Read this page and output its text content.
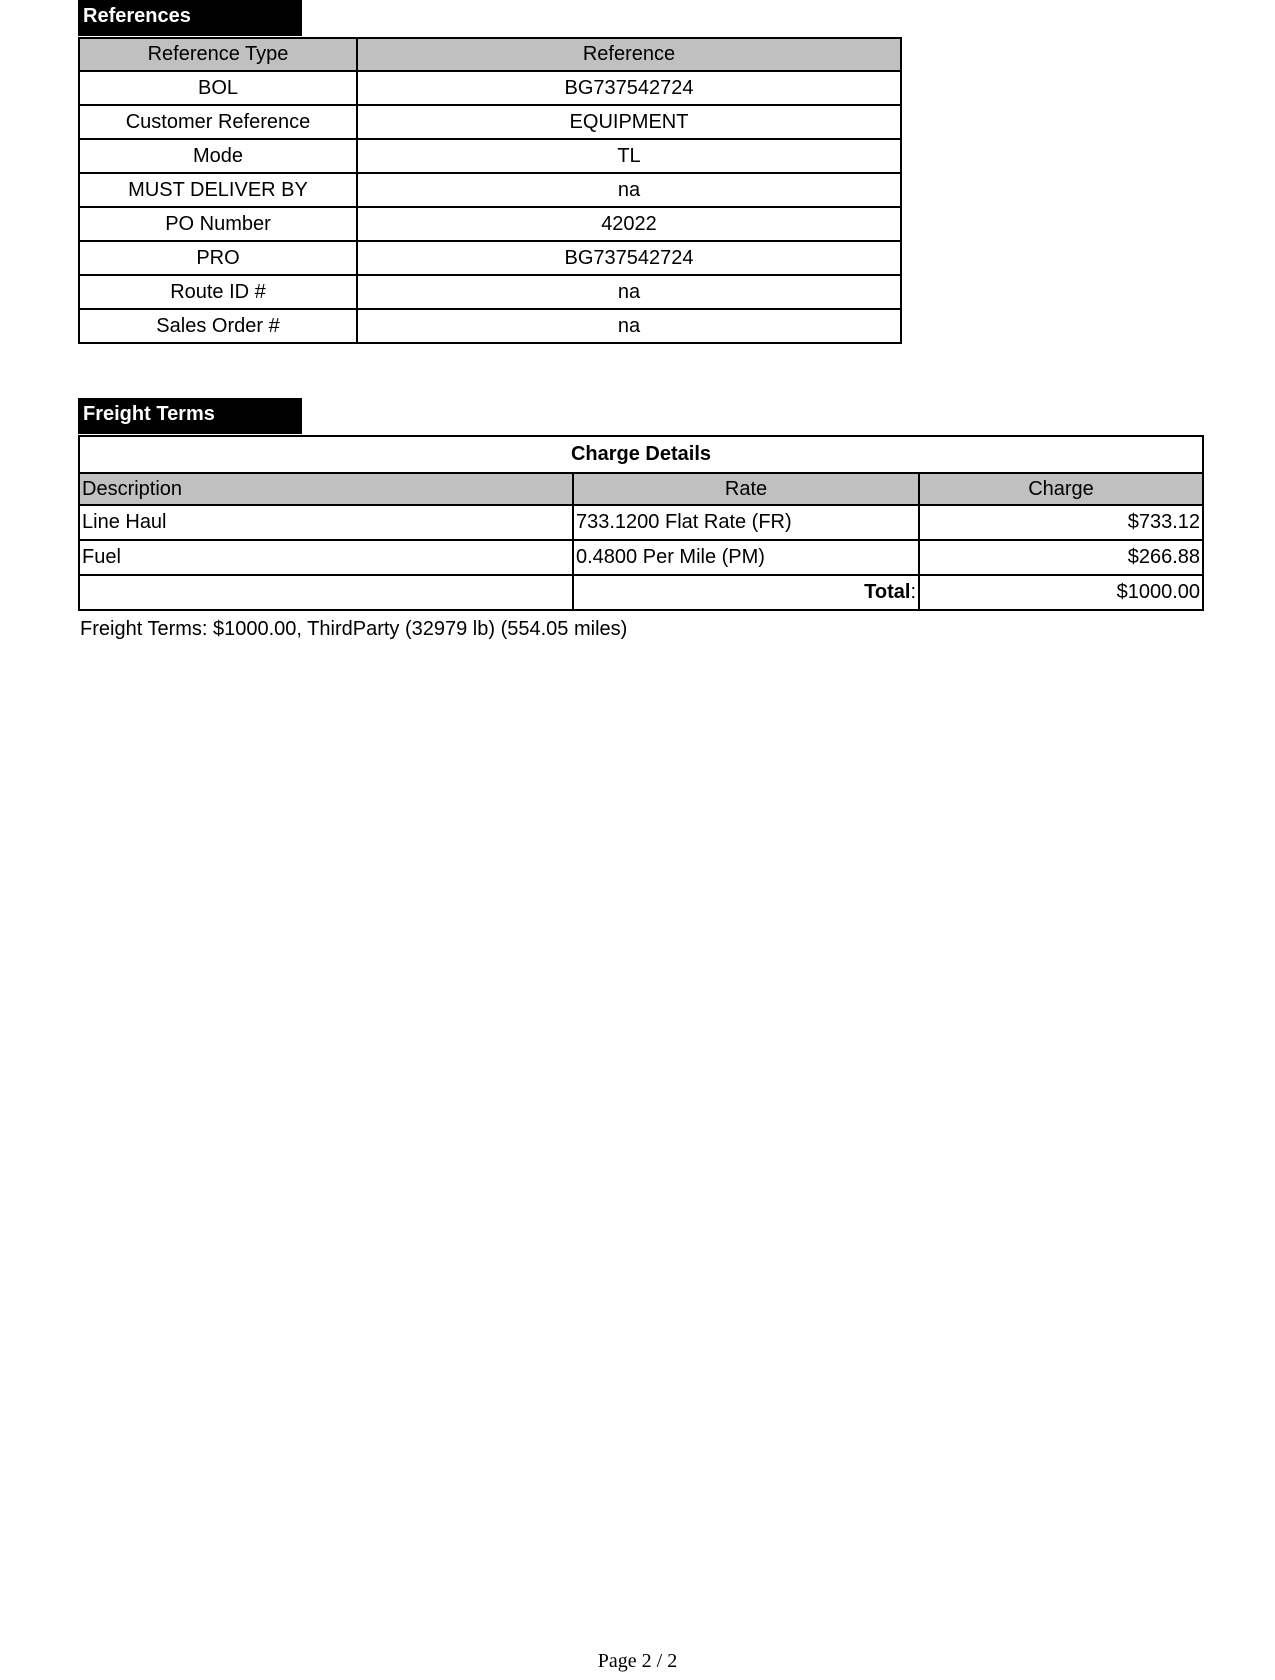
References
Reference Type	Reference
BOL	BG737542724
Customer Reference	EQUIPMENT
Mode	TL
MUST DELIVER BY	na
PO Number	42022
PRO	BG737542724
Route ID #	na
Sales Order #	na
Freight Terms
Charge Details		
Description	Rate	Charge
Line Haul	733.1200 Flat Rate (FR)	$733.12
Fuel	0.4800 Per Mile (PM)	$266.88
	Total:	$1000.00
Freight Terms: $1000.00, ThirdParty (32979 lb) (554.05 miles)
Page 2 / 2
